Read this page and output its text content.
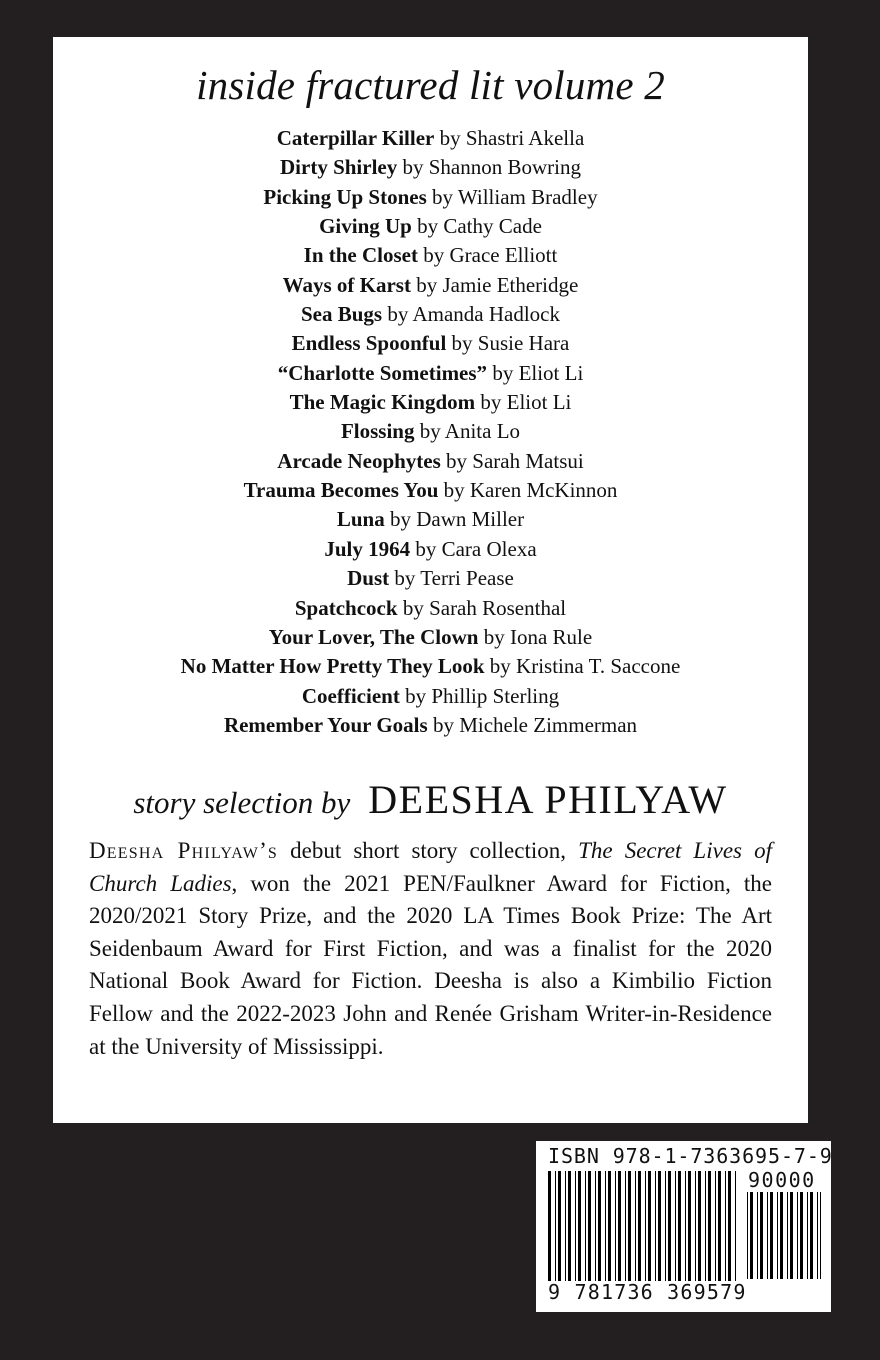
inside fractured lit volume 2
Caterpillar Killer by Shastri Akella
Dirty Shirley by Shannon Bowring
Picking Up Stones by William Bradley
Giving Up by Cathy Cade
In the Closet by Grace Elliott
Ways of Karst by Jamie Etheridge
Sea Bugs by Amanda Hadlock
Endless Spoonful by Susie Hara
“Charlotte Sometimes” by Eliot Li
The Magic Kingdom by Eliot Li
Flossing by Anita Lo
Arcade Neophytes by Sarah Matsui
Trauma Becomes You by Karen McKinnon
Luna by Dawn Miller
July 1964 by Cara Olexa
Dust by Terri Pease
Spatchcock by Sarah Rosenthal
Your Lover, The Clown by Iona Rule
No Matter How Pretty They Look by Kristina T. Saccone
Coefficient by Phillip Sterling
Remember Your Goals by Michele Zimmerman
story selection by DEESHA PHILYAW
Deesha Philyaw’s debut short story collection, The Secret Lives of Church Ladies, won the 2021 PEN/Faulkner Award for Fiction, the 2020/2021 Story Prize, and the 2020 LA Times Book Prize: The Art Seidenbaum Award for First Fiction, and was a finalist for the 2020 National Book Award for Fiction. Deesha is also a Kimbilio Fiction Fellow and the 2022-2023 John and Renée Grisham Writer-in-Residence at the University of Mississippi.
ISBN 978-1-7363695-7-9
90000
9 781736 369579
